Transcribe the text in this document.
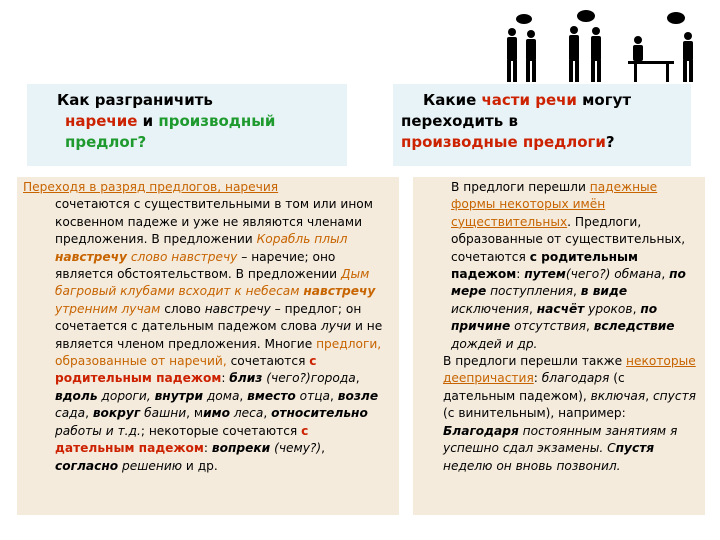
Как разграничить
наречие и производный
предлог?
Какие части речи могут
переходить в
производные предлоги?
Переходя в разряд предлогов, наречия

сочетаются с существительными в том или ином косвенном падеже и уже не являются членами предложения. В предложении Корабль плыл навстречу слово навстречу – наречие; оно является обстоятельством. В предложении Дым багровый клубами всходит к небесам навстречу утренним лучам слово навстречу – предлог; он сочетается с дательным падежом слова лучи и не является членом предложения. Многие предлоги, образованные от наречий, сочетаются с родительным падежом: близ (чего?)города, вдоль дороги, внутри дома, вместо отца, возле сада, вокруг башни, мимо леса, относительно работы и т.д.; некоторые сочетаются с дательным падежом: вопреки (чему?), согласно решению и др.
В предлоги перешли падежные формы некоторых имён существительных. Предлоги, образованные от существительных, сочетаются с родительным падежом: путем(чего?) обмана, по мере поступления, в виде исключения, насчёт уроков, по причине отсутствия, вследствие дождей и др.
В предлоги перешли также некоторые деепричастия: благодаря (с дательным падежом), включая, спустя (с винительным), например: Благодаря постоянным занятиям я успешно сдал экзамены. Спустя неделю он вновь позвонил.
